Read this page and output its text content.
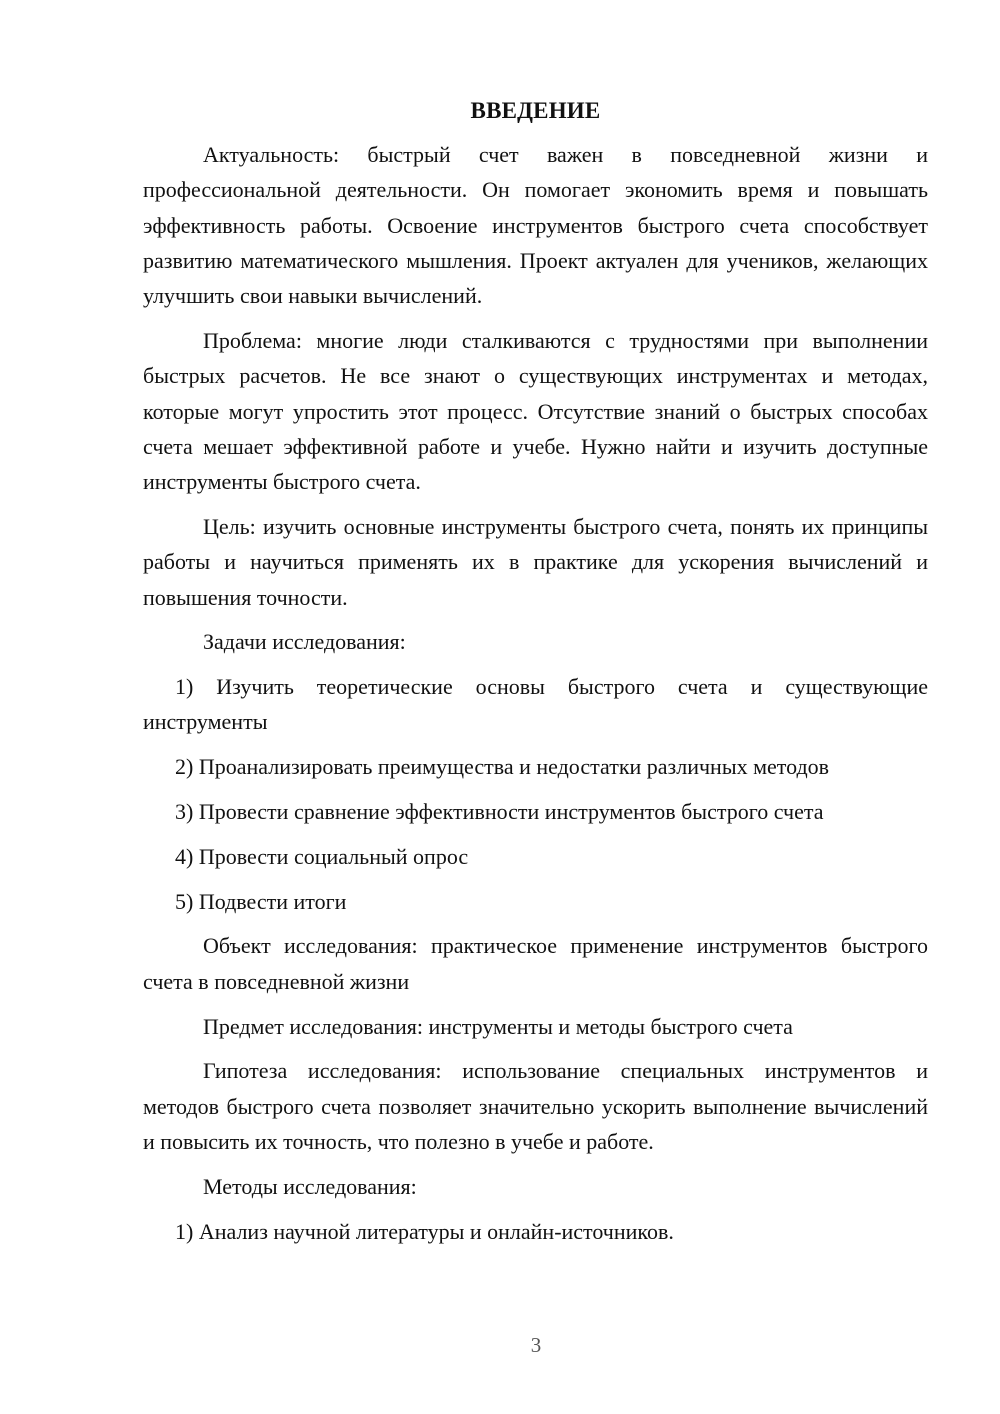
ВВЕДЕНИЕ

Актуальность: быстрый счет важен в повседневной жизни и профессиональной деятельности. Он помогает экономить время и повышать эффективность работы. Освоение инструментов быстрого счета способствует развитию математического мышления. Проект актуален для учеников, желающих улучшить свои навыки вычислений.

Проблема: многие люди сталкиваются с трудностями при выполнении быстрых расчетов. Не все знают о существующих инструментах и методах, которые могут упростить этот процесс. Отсутствие знаний о быстрых способах счета мешает эффективной работе и учебе. Нужно найти и изучить доступные инструменты быстрого счета.

Цель: изучить основные инструменты быстрого счета, понять их принципы работы и научиться применять их в практике для ускорения вычислений и повышения точности.

Задачи исследования:

1) Изучить теоретические основы быстрого счета и существующие инструменты

2) Проанализировать преимущества и недостатки различных методов

3) Провести сравнение эффективности инструментов быстрого счета

4) Провести социальный опрос

5) Подвести итоги

Объект исследования: практическое применение инструментов быстрого счета в повседневной жизни

Предмет исследования: инструменты и методы быстрого счета

Гипотеза исследования: использование специальных инструментов и методов быстрого счета позволяет значительно ускорить выполнение вычислений и повысить их точность, что полезно в учебе и работе.

Методы исследования:

1) Анализ научной литературы и онлайн-источников.

3
